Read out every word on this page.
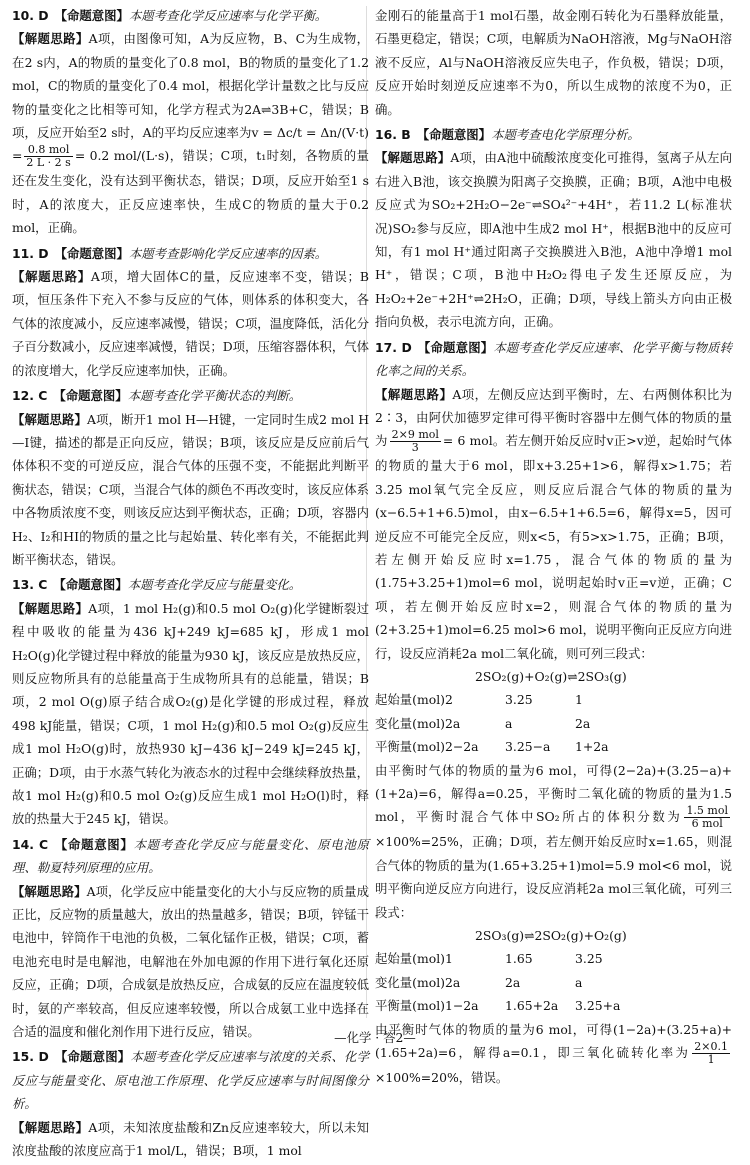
10. D 【命题意图】本题考查化学反应速率与化学平衡。

【解题思路】A项，由图像可知，A为反应物，B、C为生成物，在2 s内，A的物质的量变化了0.8 mol，B的物质的量变化了1.2 mol，C的物质的量变化了0.4 mol，根据化学计量数之比与反应物的量变化之比相等可知，化学方程式为2A⇌3B+C，错误；B项，反应开始至2 s时，A的平均反应速率为$v = \Delta c/t = \Delta n/(V\cdot t) = \frac{\text{0.8 mol}}{2 L \cdot 2 s} = 0.2$ mol/(L·s)，错误；C项，t₁时刻，各物质的量还在发生变化，没有达到平衡状态，错误；D项，反应开始至1 s时，A的浓度大，正反应速率快，生成C的物质的量大于0.2 mol，正确。

11. D 【命题意图】本题考查影响化学反应速率的因素。

【解题思路】A项，增大固体C的量，反应速率不变，错误；B项，恒压条件下充入不参与反应的气体，则体系的体积变大，各气体的浓度减小，反应速率减慢，错误；C项，温度降低，活化分子百分数减小，反应速率减慢，错误；D项，压缩容器体积，气体的浓度增大，化学反应速率加快，正确。

12. C 【命题意图】本题考查化学平衡状态的判断。

【解题思路】A项，断开1 mol H—H键，一定同时生成2 mol H—I键，描述的都是正向反应，错误；B项，该反应是反应前后气体体积不变的可逆反应，混合气体的压强不变，不能据此判断平衡状态，错误；C项，当混合气体的颜色不再改变时，该反应体系中各物质浓度不变，则该反应达到平衡状态，正确；D项，容器内H₂、I₂和HI的物质的量之比与起始量、转化率有关，不能据此判断平衡状态，错误。

13. C 【命题意图】本题考查化学反应与能量变化。

【解题思路】A项，1 mol H₂(g)和0.5 mol O₂(g)化学键断裂过程中吸收的能量为436 kJ+249 kJ=685 kJ，形成1 mol H₂O(g)化学键过程中释放的能量为930 kJ，该反应是放热反应，则反应物所具有的总能量高于生成物所具有的总能量，错误；B项，2 mol O(g)原子结合成O₂(g)是化学键的形成过程，释放498 kJ能量，错误；C项，1 mol H₂(g)和0.5 mol O₂(g)反应生成1 mol H₂O(g)时，放热930 kJ−436 kJ−249 kJ=245 kJ，正确；D项，由于水蒸气转化为液态水的过程中会继续释放热量，故1 mol H₂(g)和0.5 mol O₂(g)反应生成1 mol H₂O(l)时，释放的热量大于245 kJ，错误。

14. C 【命题意图】本题考查化学反应与能量变化、原电池原理、勒夏特列原理的应用。

【解题思路】A项，化学反应中能量变化的大小与反应物的质量成正比，反应物的质量越大，放出的热量越多，错误；B项，锌锰干电池中，锌筒作干电池的负极，二氧化锰作正极，错误；C项，蓄电池充电时是电解池，电解池在外加电源的作用下进行氧化还原反应，正确；D项，合成氨是放热反应，合成氨的反应在温度较低时，氨的产率较高，但反应速率较慢，所以合成氨工业中选择在合适的温度和催化剂作用下进行反应，错误。

15. D 【命题意图】本题考查化学反应速率与浓度的关系、化学反应与能量变化、原电池工作原理、化学反应速率与时间图像分析。

【解题思路】A项，未知浓度盐酸和Zn反应速率较大，所以未知浓度盐酸的浓度应高于1 mol/L，错误；B项，1 mol

金刚石的能量高于1 mol石墨，故金刚石转化为石墨释放能量，石墨更稳定，错误；C项，电解质为NaOH溶液，Mg与NaOH溶液不反应，Al与NaOH溶液反应失电子，作负极，错误；D项，反应开始时刻逆反应速率不为0，所以生成物的浓度不为0，正确。

16. B 【命题意图】本题考查电化学原理分析。

【解题思路】A项，由A池中硫酸浓度变化可推得，氢离子从左向右进入B池，该交换膜为阳离子交换膜，正确；B项，A池中电极反应式为SO₂+2H₂O−2e⁻⇌SO₄²⁻+4H⁺，若11.2 L(标准状况)SO₂参与反应，即A池中生成2 mol H⁺，根据B池中的反应可知，有1 mol H⁺通过阳离子交换膜进入B池，A池中净增1 mol H⁺，错误；C项，B池中H₂O₂得电子发生还原反应，为H₂O₂+2e⁻+2H⁺⇌2H₂O，正确；D项，导线上箭头方向由正极指向负极，表示电流方向，正确。

17. D 【命题意图】本题考查化学反应速率、化学平衡与物质转化率之间的关系。

【解题思路】A项，左侧反应达到平衡时，左、右两侧体积比为2∶3，由阿伏加德罗定律可得平衡时容器中左侧气体的物质的量为 $\frac{\text{2×9 mol}}{3} = 6$ mol。若左侧开始反应时v正>v逆，起始时气体的物质的量大于6 mol，即x+3.25+1>6，解得x>1.75；若3.25 mol氧气完全反应，则反应后混合气体的物质的量为(x−6.5+1+6.5)mol，由x−6.5+1+6.5=6，解得x=5，因可逆反应不可能完全反应，则x<5，有5>x>1.75，正确；B项，若左侧开始反应时x=1.75，混合气体的物质的量为(1.75+3.25+1)mol=6 mol，说明起始时v正=v逆，正确；C项，若左侧开始反应时x=2，则混合气体的物质的量为(2+3.25+1)mol=6.25 mol>6 mol，说明平衡向正反应方向进行，设反应消耗2a mol二氧化硫，则可列三段式：

2SO₂(g)+O₂(g)⇌2SO₃(g)

起始量(mol) 2	3.25	1
变化量(mol) 2a	a	2a
平衡量(mol) 2−2a	3.25−a	1+2a

由平衡时气体的物质的量为6 mol，可得(2−2a)+(3.25−a)+(1+2a)=6，解得a=0.25，平衡时二氧化硫的物质的量为1.5 mol，平衡时混合气体中SO₂所占的体积分数为 $\frac{\text{1.5 mol}}{\text{6 mol}}$
×100%=25%，正确；D项，若左侧开始反应时x=1.65，则混合气体的物质的量为(1.65+3.25+1)mol=5.9 mol<6 mol，说明平衡向逆反应方向进行，设反应消耗2a mol三氧化硫，可列三段式：

2SO₃(g)⇌2SO₂(g)+O₂(g)

起始量(mol) 1	1.65	3.25
变化量(mol) 2a	2a	a
平衡量(mol) 1−2a	1.65+2a	3.25+a

由平衡时气体的物质的量为6 mol，可得(1−2a)+(3.25+a)+(1.65+2a)=6，解得a=0.1，即三氧化硫转化率为 $\frac{2\times 0.1}{1}$
×100%=20%，错误。

—化学 · 答2—
